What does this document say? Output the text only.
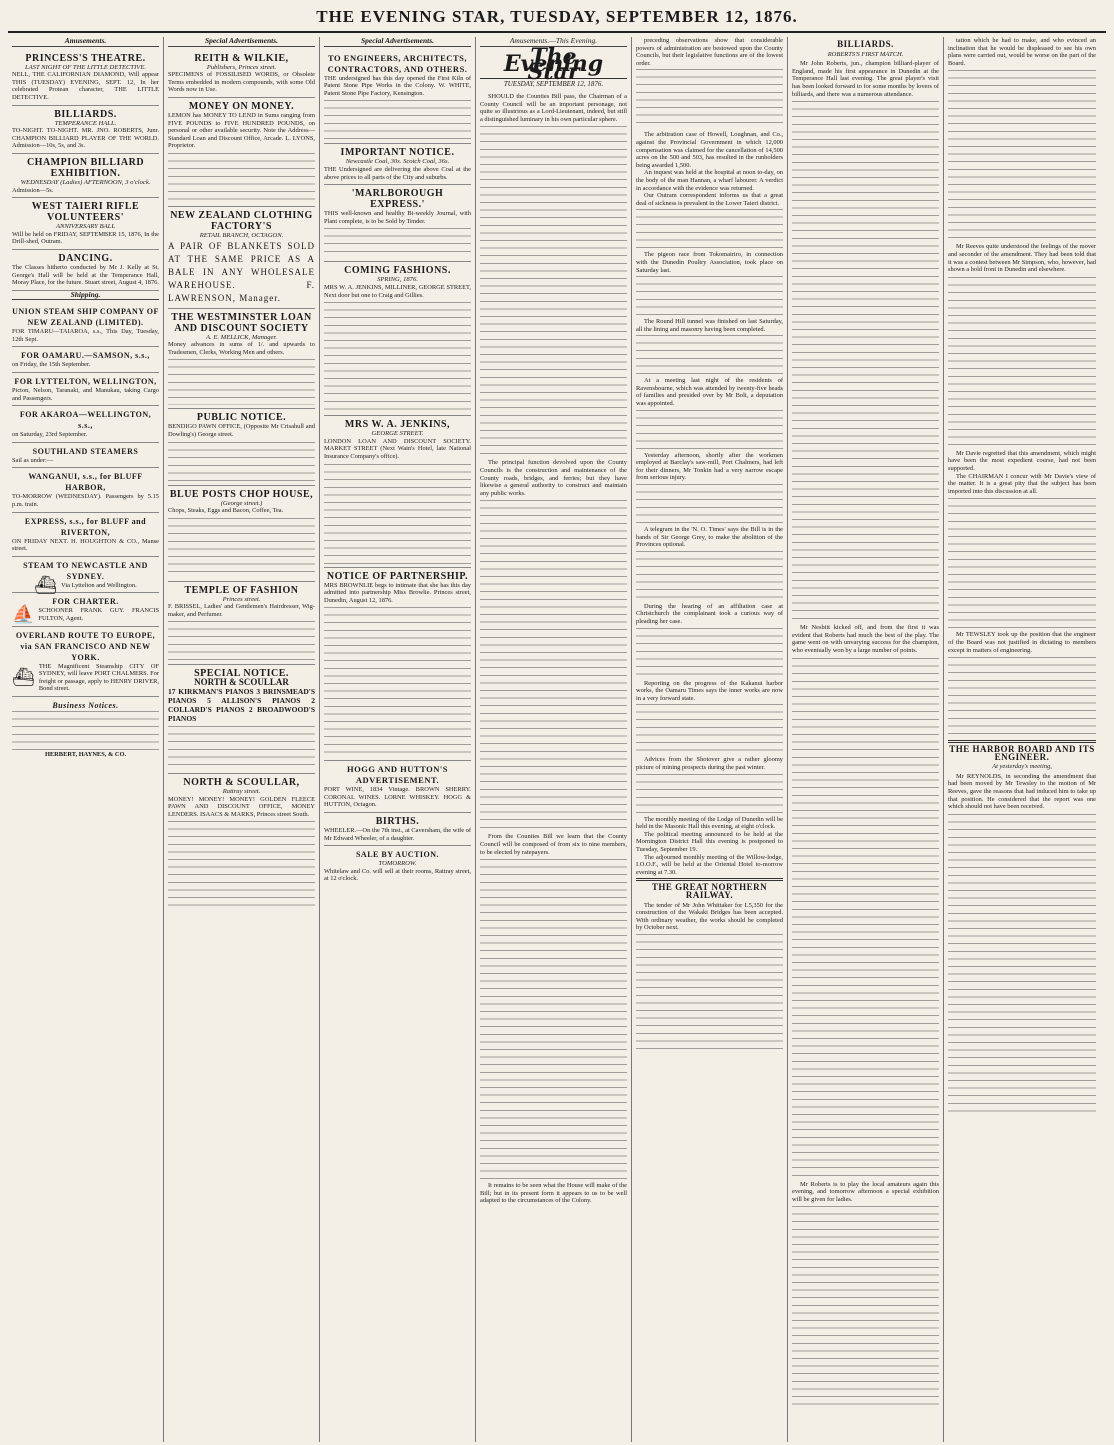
THE EVENING STAR, TUESDAY, SEPTEMBER 12, 1876.
Amusements.
PRINCESS'S THEATRE.
LAST NIGHT OF THE LITTLE DETECTIVE.
NELL, THE CALIFORNIAN DIAMOND, Will appear THIS (TUESDAY) EVENING, SEPT. 12, In her celebrated Protean character, THE LITTLE DETECTIVE.
BILLIARDS.
TEMPERANCE HALL.
TO-NIGHT. TO-NIGHT. MR. JNO. ROBERTS, Junr. CHAMPION BILLIARD PLAYER OF THE WORLD. Admission—10s, 5s, and 3s.
CHAMPION BILLIARD EXHIBITION.
WEDNESDAY (Ladies) AFTERNOON, 3 o'clock.
Admission—5s.
WEST TAIERI RIFLE VOLUNTEERS'
ANNIVERSARY BALL
Will be held on FRIDAY, SEPTEMBER 15, 1876, In the Drill-shed, Outram.
DANCING.
The Classes hitherto conducted by Mr J. Kelly at St. George's Hall will be held at the Temperance Hall, Moray Place, for the future. Stuart street, August 4, 1876.
Shipping.
UNION STEAM SHIP COMPANY OF NEW ZEALAND (LIMITED).
FOR TIMARU—TAIAROA, s.s., This Day, Tuesday, 12th Sept.
FOR OAMARU.—SAMSON, s.s.,
on Friday, the 15th September.
FOR LYTTELTON, WELLINGTON,
Picton, Nelson, Taranaki, and Manukau, taking Cargo and Passengers.
FOR AKAROA—WELLINGTON, s.s.,
on Saturday, 23rd September.
SOUTHLAND STEAMERS
Sail as under:—
WANGANUI, s.s., for BLUFF HARBOR,
TO-MORROW (WEDNESDAY). Passengers by 5.15 p.m. train.
EXPRESS, s.s., for BLUFF and RIVERTON,
ON FRIDAY NEXT. H. HOUGHTON & CO., Manse street.
STEAM TO NEWCASTLE AND SYDNEY.
⛴ Via Lyttelton and Wellington.
FOR CHARTER.
⛵ SCHOONER FRANK GUY. FRANCIS FULTON, Agent.
OVERLAND ROUTE TO EUROPE, via SAN FRANCISCO AND NEW YORK.
⛴
THE Magnificent Steamship CITY OF SYDNEY, will leave PORT CHALMERS. For freight or passage, apply to HENRY DRIVER, Bond street.
Business Notices.
HERBERT, HAYNES, & CO.
Special Advertisements.
REITH & WILKIE,
Publishers, Princes street.
SPECIMENS of FOSSILISED WORDS, or Obsolete Terms embedded in modern compounds, with some Old Words now in Use.
MONEY ON MONEY.
LEMON has MONEY TO LEND in Sums ranging from FIVE POUNDS to FIVE HUNDRED POUNDS, on personal or other available security. Note the Address— Standard Loan and Discount Office, Arcade. L. LYONS, Proprietor.
NEW ZEALAND CLOTHING FACTORY'S
RETAIL BRANCH, OCTAGON.
A PAIR OF BLANKETS SOLD AT THE SAME PRICE AS A BALE IN ANY WHOLESALE WAREHOUSE. F. LAWRENSON, Manager.
THE WESTMINSTER LOAN AND DISCOUNT SOCIETY
A. E. MELLICK, Manager.
Money advances in sums of 1/. and upwards to Tradesmen, Clerks, Working Men and others.
PUBLIC NOTICE.
BENDIGO PAWN OFFICE, (Opposite Mr Crisahull and Dowling's) George street.
BLUE POSTS CHOP HOUSE,
(George street.)
Chops, Steaks, Eggs and Bacon, Coffee, Tea.
TEMPLE OF FASHION
Princes street.
F. BRISSEL, Ladies' and Gentlemen's Hairdresser, Wig-maker, and Perfumer.
SPECIAL NOTICE.
NORTH & SCOULLAR
17 KIRKMAN'S PIANOS 3 BRINSMEAD'S PIANOS 5 ALLISON'S PIANOS 2 COLLARD'S PIANOS 2 BROADWOOD'S PIANOS
NORTH & SCOULLAR,
Rattray street.
MONEY! MONEY! MONEY! GOLDEN FLEECE PAWN AND DISCOUNT OFFICE, MONEY LENDERS. ISAACS & MARKS, Princes street South.
Special Advertisements.
TO ENGINEERS, ARCHITECTS, CONTRACTORS, AND OTHERS.
THE undersigned has this day opened the First Kiln of Patent Stone Pipe Works in the Colony. W. WHITE, Patent Stone Pipe Factory, Kensington.
IMPORTANT NOTICE.
Newcastle Coal, 30s. Scotch Coal, 36s.
THE Undersigned are delivering the above Coal at the above prices to all parts of the City and suburbs.
'MARLBOROUGH EXPRESS.'
THIS well-known and healthy Bi-weekly Journal, with Plant complete, is to be Sold by Tender.
COMING FASHIONS.
SPRING, 1876.
MRS W. A. JENKINS, MILLINER, GEORGE STREET, Next door but one to Craig and Gillies.
MRS W. A. JENKINS,
GEORGE STREET.
LONDON LOAN AND DISCOUNT SOCIETY. MARKET STREET (Next Wain's Hotel, late National Insurance Company's office).
NOTICE OF PARTNERSHIP.
MRS BROWNLIE begs to intimate that she has this day admitted into partnership Miss Browlie. Princes street, Dunedin, August 12, 1876.
HOGG AND HUTTON'S ADVERTISEMENT.
PORT WINE, 1834 Vintage. BROWN SHERRY. CORONAL WINES. LORNE WHISKEY. HOGG & HUTTON, Octagon.
BIRTHS.
WHEELER.—On the 7th inst., at Caversham, the wife of Mr Edward Wheeler, of a daughter.
SALE BY AUCTION.
TOMORROW.
Whitelaw and Co. will sell at their rooms, Rattray street, at 12 o'clock.
Amusements.—This Evening.
The Evening Star
TUESDAY, SEPTEMBER 12, 1876.
SHOULD the Counties Bill pass, the Chairman of a County Council will be an important personage, not quite so illustrious as a Lord-Lieutenant, indeed, but still a distinguished luminary in his own particular sphere.
The principal function devolved upon the County Councils is the construction and maintenance of the County roads, bridges, and ferries; but they have likewise a general authority to construct and maintain any public works.
From the Counties Bill we learn that the County Council will be composed of from six to nine members, to be elected by ratepayers.
It remains to be seen what the House will make of the Bill; but in its present form it appears to us to be well adapted to the circumstances of the Colony.
preceding observations show that considerable powers of administration are bestowed upon the County Councils, but their legislative functions are of the lowest order.
The arbitration case of Howell, Loughnan, and Co., against the Provincial Government in which 12,000 compensation was claimed for the cancellation of 14,500 acres on the 500 and 503, has resulted in the runholders being awarded 1,500.
An inquest was held at the hospital at noon to-day, on the body of the man Hannan, a wharf labourer. A verdict in accordance with the evidence was returned.
Our Outram correspondent informs us that a great deal of sickness is prevalent in the Lower Taieri district.
The pigeon race from Tokomairiro, in connection with the Dunedin Poultry Association, took place on Saturday last.
The Round Hill tunnel was finished on last Saturday, all the lining and masonry having been completed.
At a meeting last night of the residents of Ravensbourne, which was attended by twenty-five heads of families and presided over by Mr Bolt, a deputation was appointed.
Yesterday afternoon, shortly after the workmen employed at Barclay's saw-mill, Port Chalmers, had left for their dinners, Mr Tonkin had a very narrow escape from serious injury.
A telegram in the 'N. O. Times' says the Bill is in the hands of Sir George Grey, to make the abolition of the Provinces optional.
During the hearing of an affiliation case at Christchurch the complainant took a curious way of pleading her case.
Reporting on the progress of the Kakanui harbor works, the Oamaru Times says the inner works are now in a very forward state.
Advices from the Shotover give a rather gloomy picture of mining prospects during the past winter.
The monthly meeting of the Lodge of Dunedin will be held in the Masonic Hall this evening, at eight o'clock.
The political meeting announced to be held at the Mornington District Hall this evening is postponed to Tuesday, September 19.
The adjourned monthly meeting of the Willow-lodge, I.O.O.F., will be held at the Oriental Hotel to-morrow evening at 7.30.
THE GREAT NORTHERN RAILWAY.
The tender of Mr John Whittaker for L5,350 for the construction of the Wakaki Bridges has been accepted. With ordinary weather, the works should be completed by October next.
BILLIARDS.
ROBERTS'S FIRST MATCH.
Mr John Roberts, jun., champion billiard-player of England, made his first appearance in Dunedin at the Temperance Hall last evening. The great player's visit has been looked forward to for some months by lovers of billiards, and there was a numerous attendance.
Mr Nesbitt kicked off, and from the first it was evident that Roberts had much the best of the play. The game went on with unvarying success for the champion, who eventually won by a large number of points.
Mr Roberts is to play the local amateurs again this evening, and tomorrow afternoon a special exhibition will be given for ladies.
tation which he had to make, and who evinced an inclination that he would be displeased to see his own plans were carried out, would be worse on the part of the Board.
Mr Reeves quite understood the feelings of the mover and seconder of the amendment. They had been told that it was a contest between Mr Simpson, who, however, had shown a bold front in Dunedin and elsewhere.
Mr Davie regretted that this amendment, which might have been the most expedient course, had not been supported.
The CHAIRMAN I concur with Mr Davie's view of the matter. It is a great pity that the subject has been imported into this discussion at all.
Mr TEWSLEY took up the position that the engineer of the Board was not justified in dictating to members except in matters of engineering.
THE HARBOR BOARD AND ITS ENGINEER.
At yesterday's meeting,
Mr REYNOLDS, in seconding the amendment that had been moved by Mr Tewsley to the motion of Mr Reeves, gave the reasons that had induced him to take up that position. He considered that the report was one which should not have been received.
